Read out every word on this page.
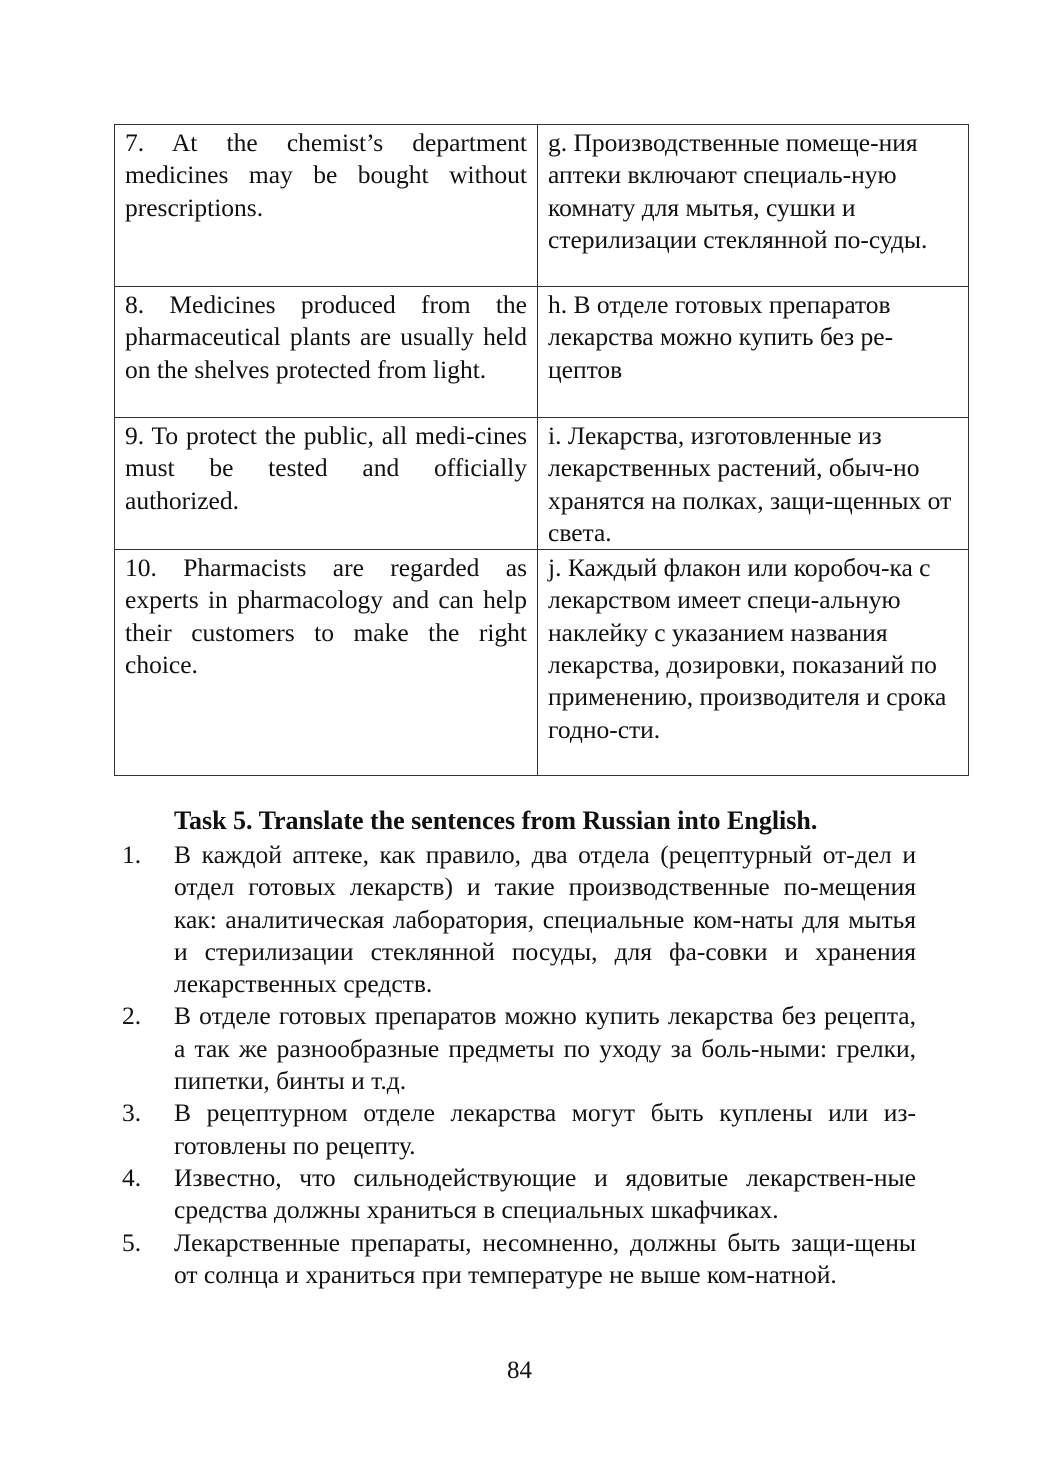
7. At the chemist’s department medicines may be bought without prescriptions.	g. Производственные помеще-ния аптеки включают специаль-ную комнату для мытья, сушки и стерилизации стеклянной по-суды.
8. Medicines produced from the pharmaceutical plants are usually held on the shelves protected from light.	h. В отделе готовых препаратов лекарства можно купить без ре-цептов
9. To protect the public, all medi-cines must be tested and officially authorized.	i. Лекарства, изготовленные из лекарственных растений, обыч-но хранятся на полках, защи-щенных от света.
10. Pharmacists are regarded as experts in pharmacology and can help their customers to make the right choice.	j. Каждый флакон или коробоч-ка с лекарством имеет специ-альную наклейку с указанием названия лекарства, дозировки, показаний по применению, производителя и срока годно-сти.
Task 5. Translate the sentences from Russian into English.
1. В каждой аптеке, как правило, два отдела (рецептурный от-дел и отдел готовых лекарств) и такие производственные по-мещения как: аналитическая лаборатория, специальные ком-наты для мытья и стерилизации стеклянной посуды, для фа-совки и хранения лекарственных средств.
2. В отделе готовых препаратов можно купить лекарства без рецепта, а так же разнообразные предметы по уходу за боль-ными: грелки, пипетки, бинты и т.д.
3. В рецептурном отделе лекарства могут быть куплены или из-готовлены по рецепту.
4. Известно, что сильнодействующие и ядовитые лекарствен-ные средства должны храниться в специальных шкафчиках.
5. Лекарственные препараты, несомненно, должны быть защи-щены от солнца и храниться при температуре не выше ком-натной.
84
